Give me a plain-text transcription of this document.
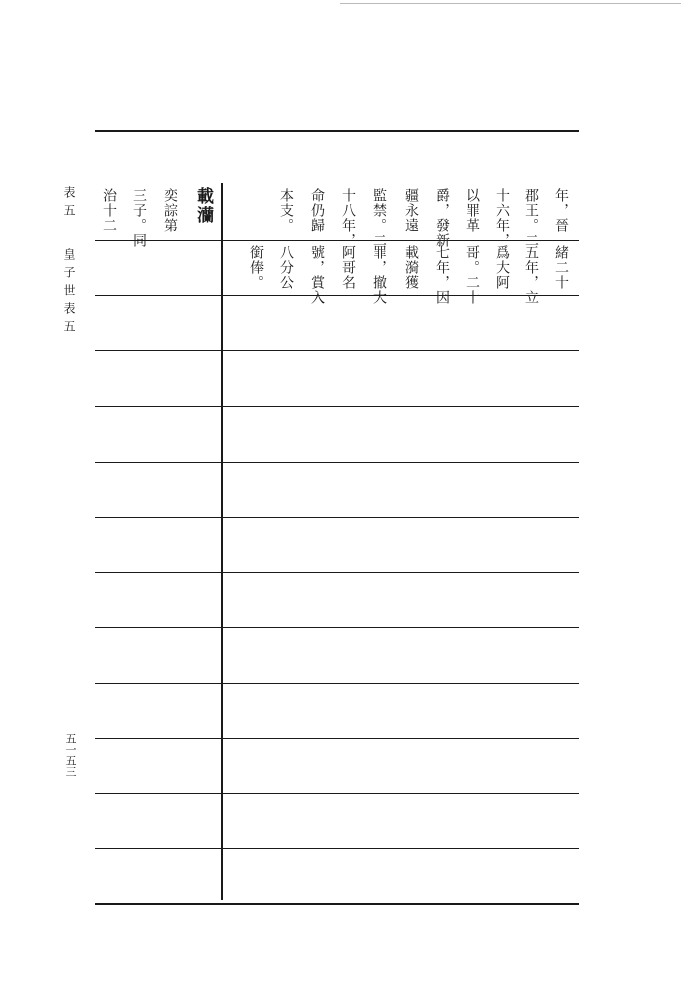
表五
皇子世表五
五一五三
載灡
奕誴第
三子。同
治十二	年，晉
郡王。二
十六年，
以罪革
爵，發新
疆永遠
監禁。二
十八年，
命仍歸
本支。
緒二十
五年，立
爲大阿
哥。二十
七年，因
載漪獲
罪，撤大
阿哥名
號，賞入
八分公
銜俸。
